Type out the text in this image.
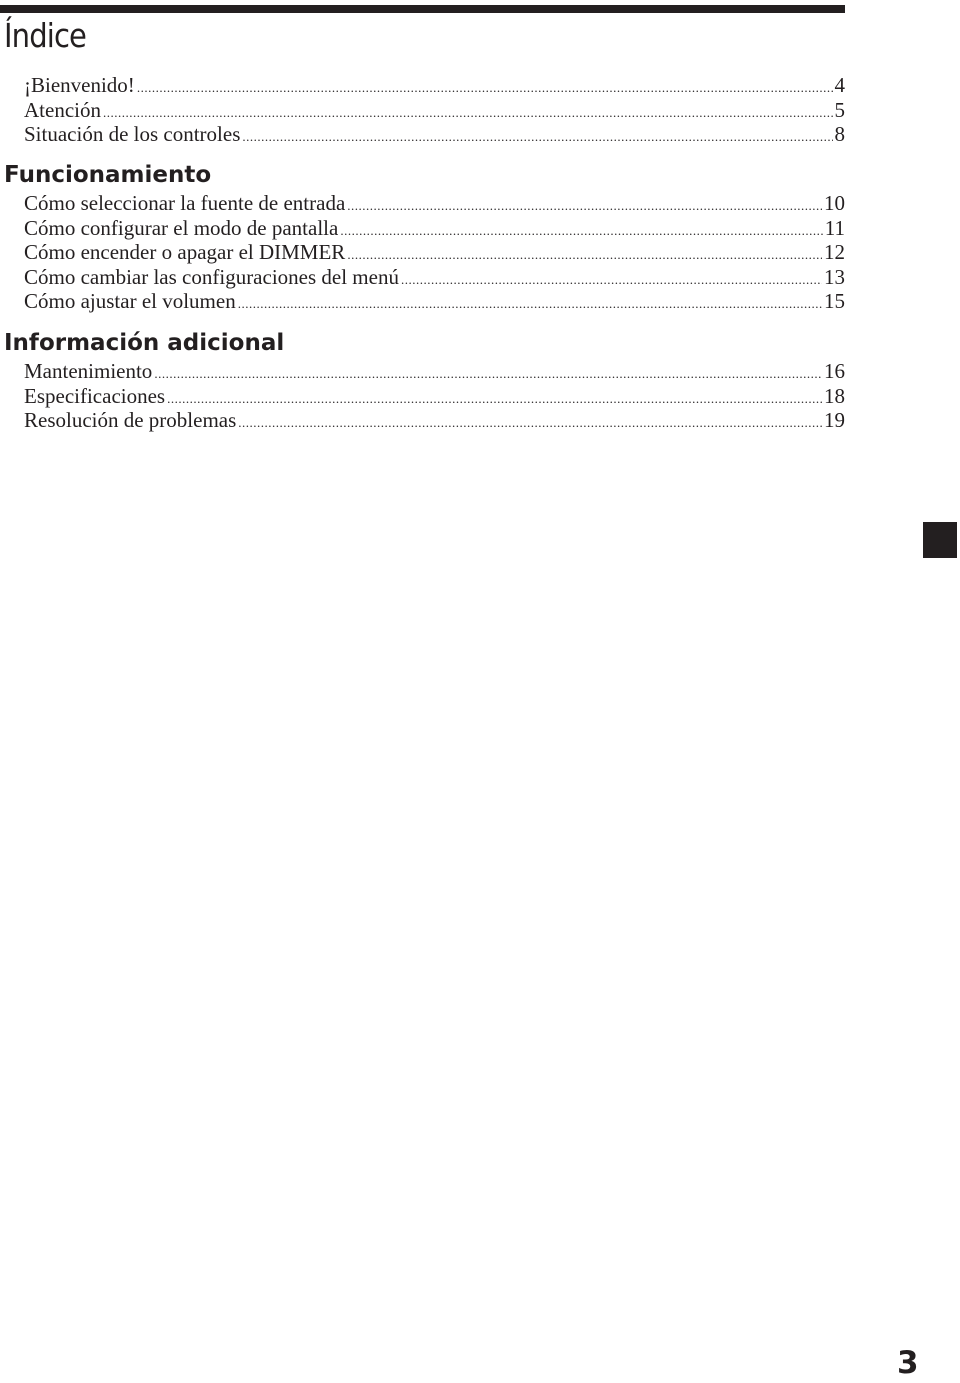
Índice
¡Bienvenido! .....	4
Atención .....	5
Situación de los controles .....	8
Funcionamiento
Cómo seleccionar la fuente de entrada .....	10
Cómo configurar el modo de pantalla .....	11
Cómo encender o apagar el DIMMER .....	12
Cómo cambiar las configuraciones del menú .....	13
Cómo ajustar el volumen .....	15
Información adicional
Mantenimiento .....	16
Especificaciones .....	18
Resolución de problemas .....	19
3
